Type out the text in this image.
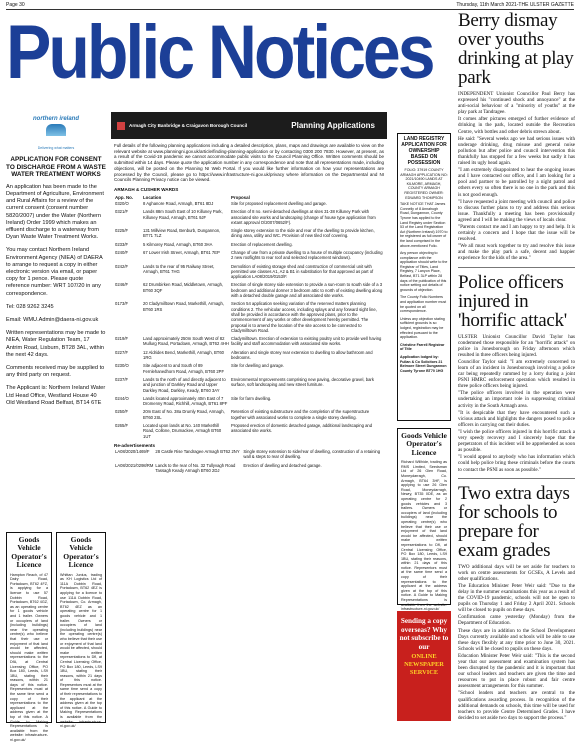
Page 30	Thursday, 11th March 2021-THE ULSTER GAZETTE
Public Notices
northern ireland
Delivering what matters
APPLICATION FOR CONSENT TO DISCHARGE FROM A WASTE WATER TREATMENT WORKS

An application has been made to the Department of Agriculture, Environment and Rural Affairs for a review of the current consent (consent number 5820/2007) under the Water (Northern Ireland) Order 1999 which makes an effluent discharge to a waterway from Dyan Waste Water Treatment Works.

You may contact Northern Ireland Environment Agency (NIEA) of DAERA to arrange to request a copy in either electronic version via email, or paper copy for 1 pence. Please quote reference number: WRT 107/20 in any correspondence.

Tel: 028 9262 3245

Email: WMU.Admin@daera-ni.gov.uk

Written representations may be made to NIEA, Water Regulation Team, 17 Antrim Road, Lisburn, BT28 3AL, within the next 42 days.

Comments received may be supplied to any third party on request.

The Applicant is: Northern Ireland Water Ltd Head Office, Westland House 40 Old Westland Road Belfast, BT14 6TE

Goods Vehicle Operator's Licence

Hampton Reach, of 47 Dalry Road, Portadown, BT62 4FZ, is applying for a licence to use 57 Dobbin Road, Portadown, BT62 4GZ, as an operating centre for 1 goods vehicle and 1 trailer. Owners or occupiers of land (including buildings) near the operating centre(s) who believe that their use or enjoyment of that land would be affected, should make written representations to the DfA, at Central Licensing Office, PO Box 180, Leeds, LS9 1BU, stating their reasons, within 21 days of this notice. Representors must at the same time send a copy of their representations to the applicant at the address given at the top of this notice. A Guide to Making Representations is available from the website: infrastructure-ni.gov.uk/

Goods Vehicle Operator's Licence

Whittan Junius, trading as KH Logistics Ltd of 111A Dobbin Road, Portadown, BT62 4EZ is applying for a licence to use 111A Dobbin Road, Portadown, Co. Armagh, BT62 4EZ as an operating centre for 1 goods vehicle and 1 trailer. Owners or occupiers of land (including buildings) near the operating centre(s) who believe that their use or enjoyment of that land would be affected, should make written representations to DfI, at Central Licensing Office, PO Box 180, Leeds, LS9 1BU, stating their reasons, within 21 days of this notice. Representors must at the same time send a copy of their representations to the applicant at the address given at the top of this notice. A Guide to Making Representations is available from the website: infrastructure-ni.gov.uk/

Armagh City Banbridge & Craigavon Borough Council	Planning Applications
Full details of the following planning applications including a detailed description, plans, maps and drawings are available to view on the relevant website at www.planningni.gov.uk/article/finding-planning-application or by contacting 0300 200 7830. However, at present, as a result of the Covid-19 pandemic we cannot accommodate public visits to the Council Planning Office. Written comments should be submitted within 14 days. Please quote the application number in any correspondence and note that all representations made, including objections, will be posted on the Planning NI Web Portal. If you would like further information on how your representations are processed by the Council, please go to https://www.infrastructure-ni.gov.uk/privacy where information on the Departmental and NI Councils Planning Privacy notice can be viewed.
ARMAGH & CUSHER WARDS
App. No.	Location	Proposal
0320/O	8 Aghanore Road, Armagh, BT61 8DJ	Site for proposed replacement dwelling and garage.
0321/F	Lands 88m South East of 10 Killuney Park, Killuney Road, Armagh, BT61 9JF	Erection of 8 no. semi-detached dwellings at sites 31-38 Killuney Park with associated site works and landscaping (change of house type application from extant approval O/2007/0652/F).
0225/F	131 Millview Road, Benburb, Dungannon, BT71 7LZ	Single storey extension to the side and rear of the dwelling to provide kitchen, dining area, utility and WC. Provision of new tiled roof covering.
0233/F	5 Kilmorey Road, Armagh, BT60 3HA	Erection of replacement dwelling.
0240/F	67 Lower Irish Street, Armagh, BT61 7EP	Change of use from a private dwelling to a house of multiple occupancy (including 2 new rooflights to rear roof and selected replacement windows).
0242/F	Lands to the rear of 95 Railway Street, Armagh, BT61 7HG	Demolition of existing storage shed and construction of commercial unit with permitted use classes A1, A2 & B1 in substitution for that approved as part of application LA08/2019/0153/F.
0246/F	62 Drumbirken Road, Middletown, Armagh, BT60 3QF	Erection of single storey side extension to provide a sun-room to south side of a 3 bedroom and additional dormer 3 bedroom attic to north of existing dwelling along with a detached double garage and all associated site works.
0173/F	20 Cladymilltown Road, Markethill, Armagh, BT60 1RS	Section 54 application seeking variation of the reserved matters planning conditions 2. The vehicular access, including splays and any forward sight line, shall be provided in accordance with the approved plans, prior to the commencement of any works or other development hereby permitted. The proposal is to amend the location of the site access to be connected to Cladymilltown Road.
0219/F	Land approximately 250m South West of 82 Mullurg Road, Portadown, Armagh, BT62 4HH	Cladymilltown. Erection of extension to existing poultry unit to provide well having facility and staff accommodation with associated site works.
0227/F	12 Aldrides Bend, Markethill, Armagh, BT60 1RG	Alteration and single storey rear extension to dwelling to allow bathroom and bedrooms.
0230/O	Site adjacent to and South of 89 Fernlehanedhorn Road, Armagh, BT60 2PF	Site for dwelling and garage.
0237/F	Lands to the north of and directly adjacent to and junction of Darkley Road and Upper Darkley Road, Darkley, Keady, BT60 3AY	Environmental Improvements comprising new paving, decorative gravel, bark surface, soft landscaping and new street furniture.
0244/O	Lands located approximately 40m East of 7 Dromenny Road, Richhill, Armagh, BT61 8PF	Site for farm dwelling.
0250/F	20m East of No. 38a Drumly Road, Armagh, BT60 2SL	Retention of existing substructure and the completion of the superstructure together with associated works to complete a single storey dwelling.
0265/F	Located upon lands at No. 140 Markethill Road, Collone, Drumackee, Armagh BT60 1UT	Proposed erection of domestic detached garage, additional landscaping and associated site works.
Re-advertisements
LA08/2020/1469/F	28 Castle Rise Tandragee Armagh BT62 2NY	Single storey extension to side/rear of dwelling, construction of a retaining wall & steps to rear of dwelling.
LA08/2021/0298/RM	Lands to the rear of No. 32 Tullyvagh Road Tassagh Keady Armagh BT60 2DJ	Erection of dwelling and detached garage.
LAND REGISTRY APPLICATION FOR OWNERSHIP BASED ON POSSESSION
FOLIO: 37919 COUNTY ARMAGH APPLICATION NO: 2021/10490 LANDS AT KILMORE, ARMAGH, COUNTY ARMAGH REGISTERED OWNER: EDWARD THOMPSON

TAKE NOTICE THAT James Connelly of 8 Annahugh Road, Dungannon, County Tyrone has applied to the Land Registry under Section 53 of the Land Registration Act (Northern Ireland) 1970 to be registered as full owner of the land comprised in the above-mentioned Folio.

Any person objecting to compliance with the application should write to the Registrar of Titles, Land Registry, 7 Lanyon Place, Belfast, BT1 3LP within 28 days of the publication of this notice setting out details of grounds of objection.

The County Folio Numbers and application number must be quoted on all correspondence.

Unless any objection stating sufficient grounds is so lodged, registration may be effected pursuant to the application.

Christine Farrell Registrar of Title

Application lodged by: Fullan & Co Solicitors 21 Belmore Street Dungannon County Tyrone BT70 1HG

Goods Vehicle Operator's Licence

Richard Willhide, trading as RMS Limited, Seedsman Ltd of 26 Glen Road, Moneydarragh, Co. Armagh, BT64 3HF, is applying to use 26 Glen Road, Moneydarragh, Newry, BT35 0DE, as an operating centre for 2 goods vehicles and 3 trailers. Owners or occupiers of land (including buildings) near the operating centre(s) who believe that their use or enjoyment of that land would be affected, should make written representations to DfI, at Central Licensing Office, PO Box 180, Leeds, LS9 1BU, stating their reasons, within 21 days of this notice. Representors must at the same time send a copy of their representations to the applicant at the address given at the top of this notice. A Guide to Making Representations is available from the website: infrastructure-ni.gov.uk/

Sending a copy overseas? Why not subscribe to our
ONLINE NEWSPAPER SERVICE
Berry dismay over youths drinking at play park

INDEPENDENT Unionist Councillor Paul Berry has expressed his "continued shock and annoyance" at the anti-social behaviour of a "minority of youths" at the play park at Tandragee.

It comes after pictures emerged of further evidence of drinking in the park, located outside the Recreation Centre, with bottles and other debris strewn about.

He said: "Several weeks ago we had serious issues with underage drinking, drug misuse and general noise pollution but after police and council intervention this thankfully has stopped for a few weeks but sadly it has raised its ugly head again.

"I am extremely disappointed to hear the ongoing issues and I have contacted our office, and I am looking for a pool and partner to be patrolled by a night patrol and others every so often there is no one in the park and this is not good enough.

"I have requested a joint meeting with council and police to discuss further plans to try and address this serious issue. Thankfully a meeting has been provisionally agreed and I will be making the views of locals clear.

"Parents contact me and I am happy to try and help. It is certainly a concern and I hope that the issue will be resolved.

"We all must work together to try and resolve this issue and make the play park a safe, decent and happier experience for the kids of the area."

Police officers injured in 'horrific attack'

ULSTER Unionist Councillor David Taylor has condemned those responsible for an "horrific attack" on police in Jonesborough on Friday afternoon which resulted in three officers being injured.

Councillor Taylor said: "I am extremely concerned to learn of an incident in Jonesborough involving a police car being repeatedly rammed by a lorry during a joint PSNI HMRC enforcement operation which resulted in three police officers being injured.

"The police officers involved in the operation were undertaking an important role in suppressing criminal activity in the South Armagh area.

"It is despicable that they have encountered such a vicious attack and highlights the dangers posed to police officers in carrying out their duties.

"I wish the police officers injured in this horrific attack a very speedy recovery and I sincerely hope that the perpetrators of this incident will be apprehended as soon as possible.

"I would appeal to anybody who has information which could help police bring these criminals before the courts to contact the PSNI as soon as possible."

Two extra days for schools to prepare for exam grades

TWO additional days will be set aside for teachers to work on centre assessments for GCSEs, A Levels and other qualifications.

The Education Minister Peter Weir said: "Due to the delay in the summer examinations this year as a result of the COVID-19 pandemic, schools will not be open to pupils on Thursday 1 and Friday 2 April 2021. Schools will be closed to pupils on these days.

Confirmation came yesterday (Monday) from the Department of Education.

These days are in addition to the School Development Days currently available and schools will be able to use these days flexibly at any time prior to June 30, 2021. Schools will be closed to pupils on these days.

Education Minister Peter Weir said: "This is the second year that our assessment and examination system has been disrupted by the pandemic and it is important that our school leaders and teachers are given the time and resources to put in place robust and fair centre assessment arrangements for this summer.

"School leaders and teachers are central to the qualifications awarding process. In recognition of the additional demands on schools, this time will be used for teachers to provide Centre Determined Grades. I have decided to set aside two days to support the process."
